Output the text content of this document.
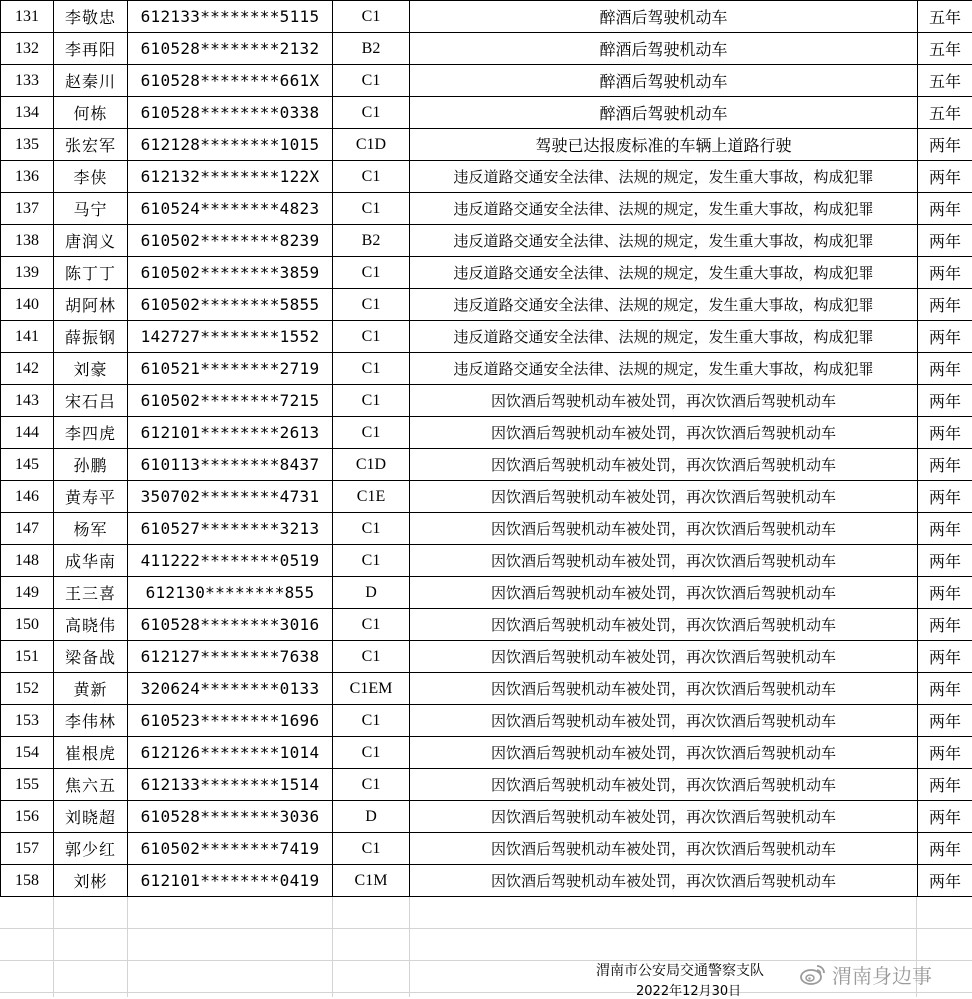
131	李敬忠	612133********5115	C1	醉酒后驾驶机动车	五年
132	李再阳	610528********2132	B2	醉酒后驾驶机动车	五年
133	赵秦川	610528********661X	C1	醉酒后驾驶机动车	五年
134	何栋	610528********0338	C1	醉酒后驾驶机动车	五年
135	张宏军	612128********1015	C1D	驾驶已达报废标准的车辆上道路行驶	两年
136	李侠	612132********122X	C1	违反道路交通安全法律、法规的规定，发生重大事故，构成犯罪	两年
137	马宁	610524********4823	C1	违反道路交通安全法律、法规的规定，发生重大事故，构成犯罪	两年
138	唐润义	610502********8239	B2	违反道路交通安全法律、法规的规定，发生重大事故，构成犯罪	两年
139	陈丁丁	610502********3859	C1	违反道路交通安全法律、法规的规定，发生重大事故，构成犯罪	两年
140	胡阿林	610502********5855	C1	违反道路交通安全法律、法规的规定，发生重大事故，构成犯罪	两年
141	薛振钢	142727********1552	C1	违反道路交通安全法律、法规的规定，发生重大事故，构成犯罪	两年
142	刘豪	610521********2719	C1	违反道路交通安全法律、法规的规定，发生重大事故，构成犯罪	两年
143	宋石吕	610502********7215	C1	因饮酒后驾驶机动车被处罚，再次饮酒后驾驶机动车	两年
144	李四虎	612101********2613	C1	因饮酒后驾驶机动车被处罚，再次饮酒后驾驶机动车	两年
145	孙鹏	610113********8437	C1D	因饮酒后驾驶机动车被处罚，再次饮酒后驾驶机动车	两年
146	黄寿平	350702********4731	C1E	因饮酒后驾驶机动车被处罚，再次饮酒后驾驶机动车	两年
147	杨军	610527********3213	C1	因饮酒后驾驶机动车被处罚，再次饮酒后驾驶机动车	两年
148	成华南	411222********0519	C1	因饮酒后驾驶机动车被处罚，再次饮酒后驾驶机动车	两年
149	王三喜	612130********855	D	因饮酒后驾驶机动车被处罚，再次饮酒后驾驶机动车	两年
150	高晓伟	610528********3016	C1	因饮酒后驾驶机动车被处罚，再次饮酒后驾驶机动车	两年
151	梁备战	612127********7638	C1	因饮酒后驾驶机动车被处罚，再次饮酒后驾驶机动车	两年
152	黄新	320624********0133	C1EM	因饮酒后驾驶机动车被处罚，再次饮酒后驾驶机动车	两年
153	李伟林	610523********1696	C1	因饮酒后驾驶机动车被处罚，再次饮酒后驾驶机动车	两年
154	崔根虎	612126********1014	C1	因饮酒后驾驶机动车被处罚，再次饮酒后驾驶机动车	两年
155	焦六五	612133********1514	C1	因饮酒后驾驶机动车被处罚，再次饮酒后驾驶机动车	两年
156	刘晓超	610528********3036	D	因饮酒后驾驶机动车被处罚，再次饮酒后驾驶机动车	两年
157	郭少红	610502********7419	C1	因饮酒后驾驶机动车被处罚，再次饮酒后驾驶机动车	两年
158	刘彬	612101********0419	C1M	因饮酒后驾驶机动车被处罚，再次饮酒后驾驶机动车	两年
渭南市公安局交通警察支队
2022年12月30日
渭南身边事
